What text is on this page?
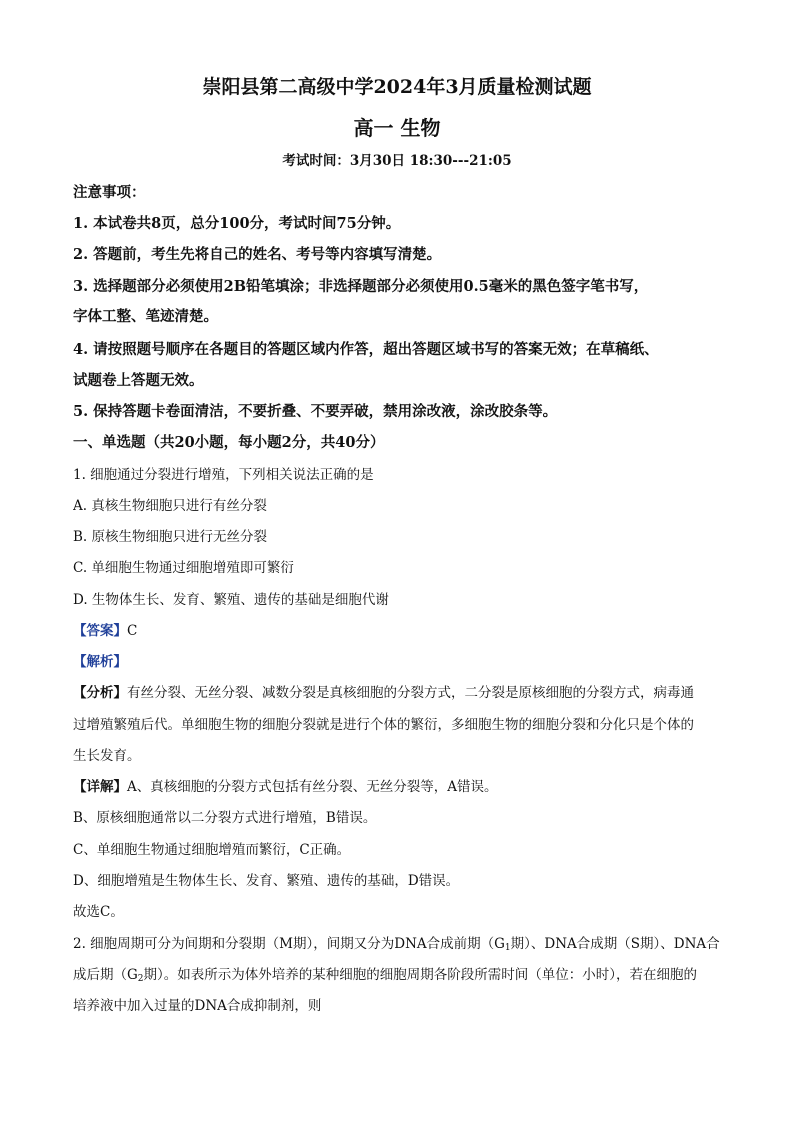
崇阳县第二高级中学2024年3月质量检测试题
高一 生物
考试时间：3月30日 18:30---21:05
注意事项：
1. 本试卷共8页，总分100分，考试时间75分钟。
2. 答题前，考生先将自己的姓名、考号等内容填写清楚。
3. 选择题部分必须使用2B铅笔填涂；非选择题部分必须使用0.5毫米的黑色签字笔书写，
字体工整、笔迹清楚。
4. 请按照题号顺序在各题目的答题区域内作答，超出答题区域书写的答案无效；在草稿纸、
试题卷上答题无效。
5. 保持答题卡卷面清洁，不要折叠、不要弄破，禁用涂改液，涂改胶条等。
一、单选题（共20小题，每小题2分，共40分）
1. 细胞通过分裂进行增殖，下列相关说法正确的是
A. 真核生物细胞只进行有丝分裂
B. 原核生物细胞只进行无丝分裂
C. 单细胞生物通过细胞增殖即可繁衍
D. 生物体生长、发育、繁殖、遗传的基础是细胞代谢
【答案】C
【解析】
【分析】有丝分裂、无丝分裂、减数分裂是真核细胞的分裂方式，二分裂是原核细胞的分裂方式，病毒通
过增殖繁殖后代。单细胞生物的细胞分裂就是进行个体的繁衍，多细胞生物的细胞分裂和分化只是个体的
生长发育。
【详解】A、真核细胞的分裂方式包括有丝分裂、无丝分裂等，A错误。
B、原核细胞通常以二分裂方式进行增殖，B错误。
C、单细胞生物通过细胞增殖而繁衍，C正确。
D、细胞增殖是生物体生长、发育、繁殖、遗传的基础，D错误。
故选C。
2. 细胞周期可分为间期和分裂期（M期），间期又分为DNA合成前期（$G_1$期）、DNA合成期（S期）、DNA合
成后期（$G_2$期）。如表所示为体外培养的某种细胞的细胞周期各阶段所需时间（单位：小时），若在细胞的
培养液中加入过量的DNA合成抑制剂，则
